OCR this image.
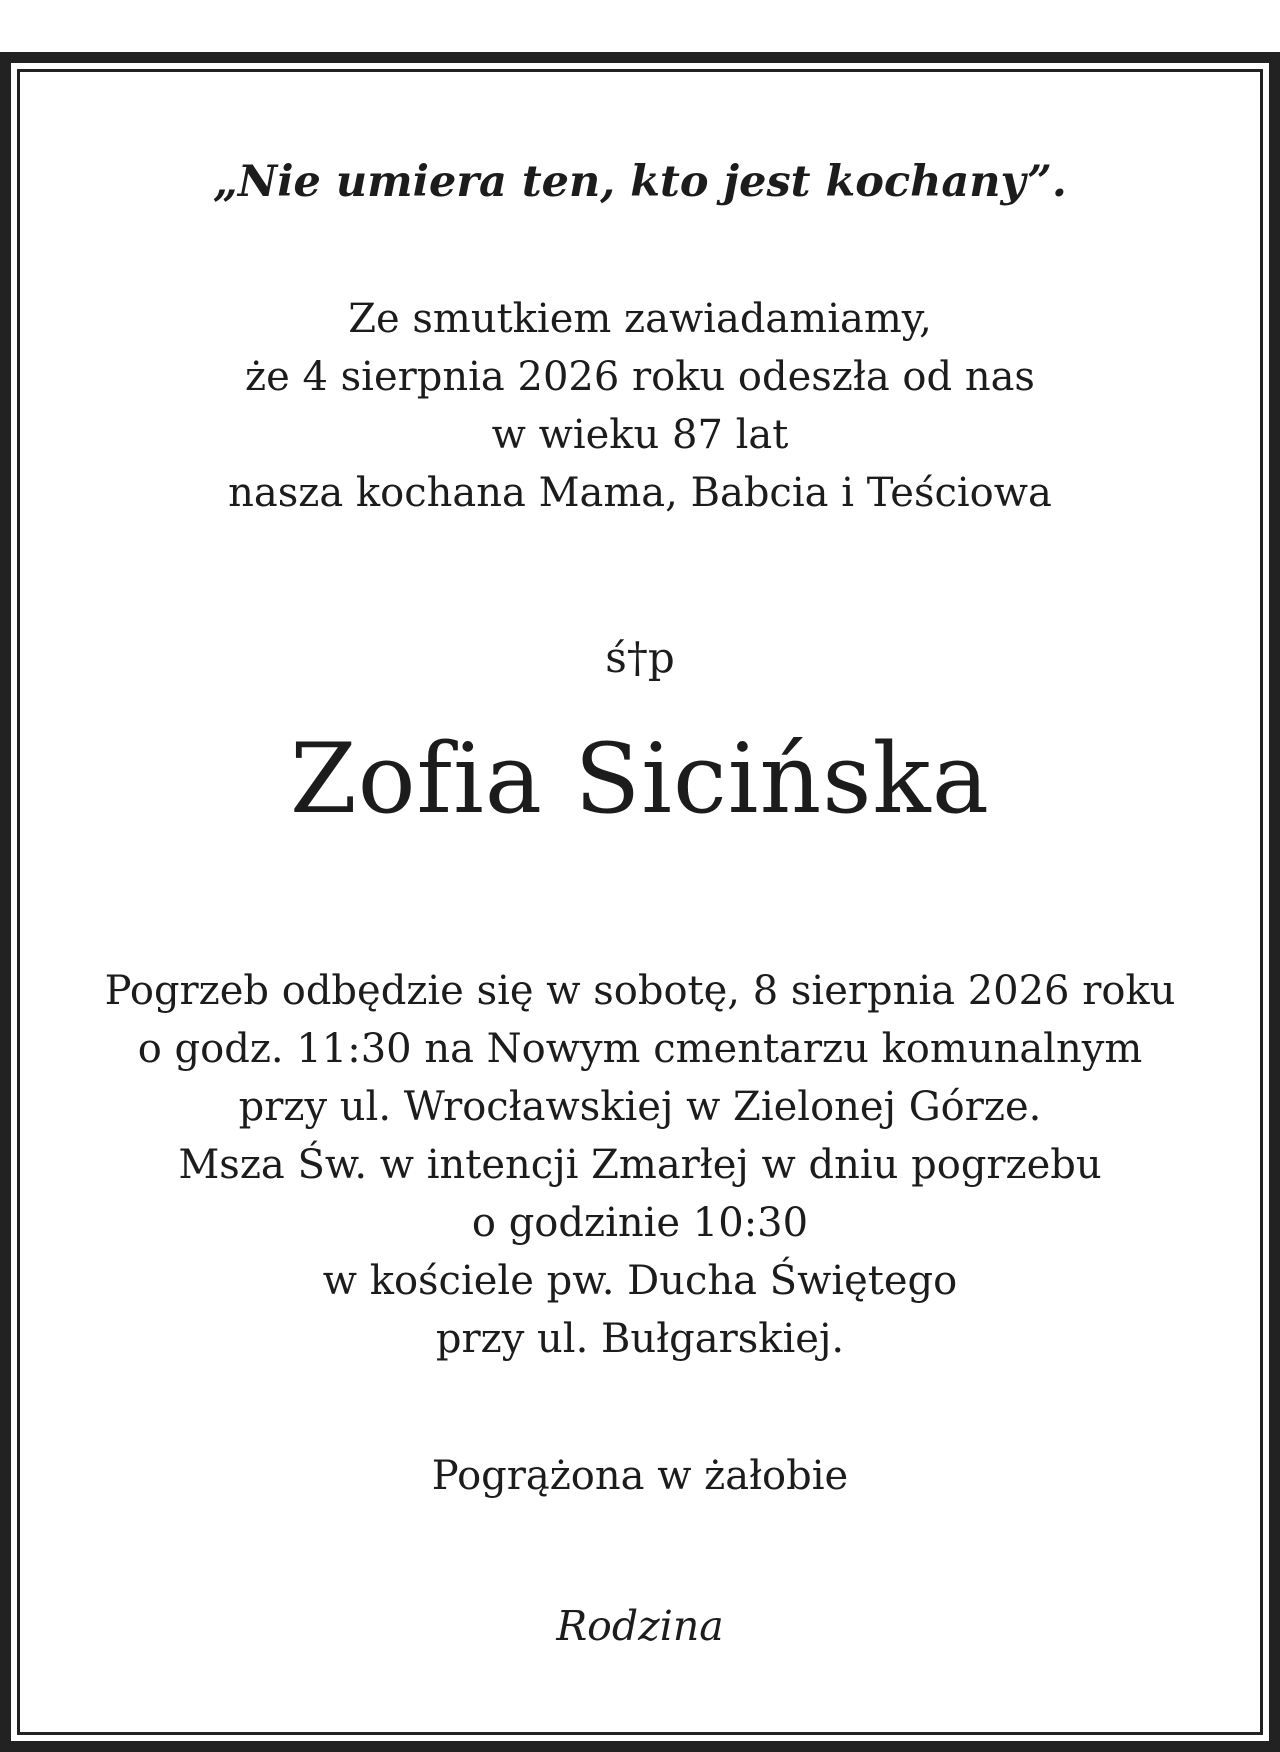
„Nie umiera ten, kto jest kochany”.
Ze smutkiem zawiadamiamy,
że 4 sierpnia 2026 roku odeszła od nas
w wieku 87 lat
nasza kochana Mama, Babcia i Teściowa
ś†p
Zofia Sicińska
Pogrzeb odbędzie się w sobotę, 8 sierpnia 2026 roku
o godz. 11:30 na Nowym cmentarzu komunalnym
przy ul. Wrocławskiej w Zielonej Górze.
Msza Św. w intencji Zmarłej w dniu pogrzebu
o godzinie 10:30
w kościele pw. Ducha Świętego
przy ul. Bułgarskiej.
Pogrążona w żałobie
Rodzina
